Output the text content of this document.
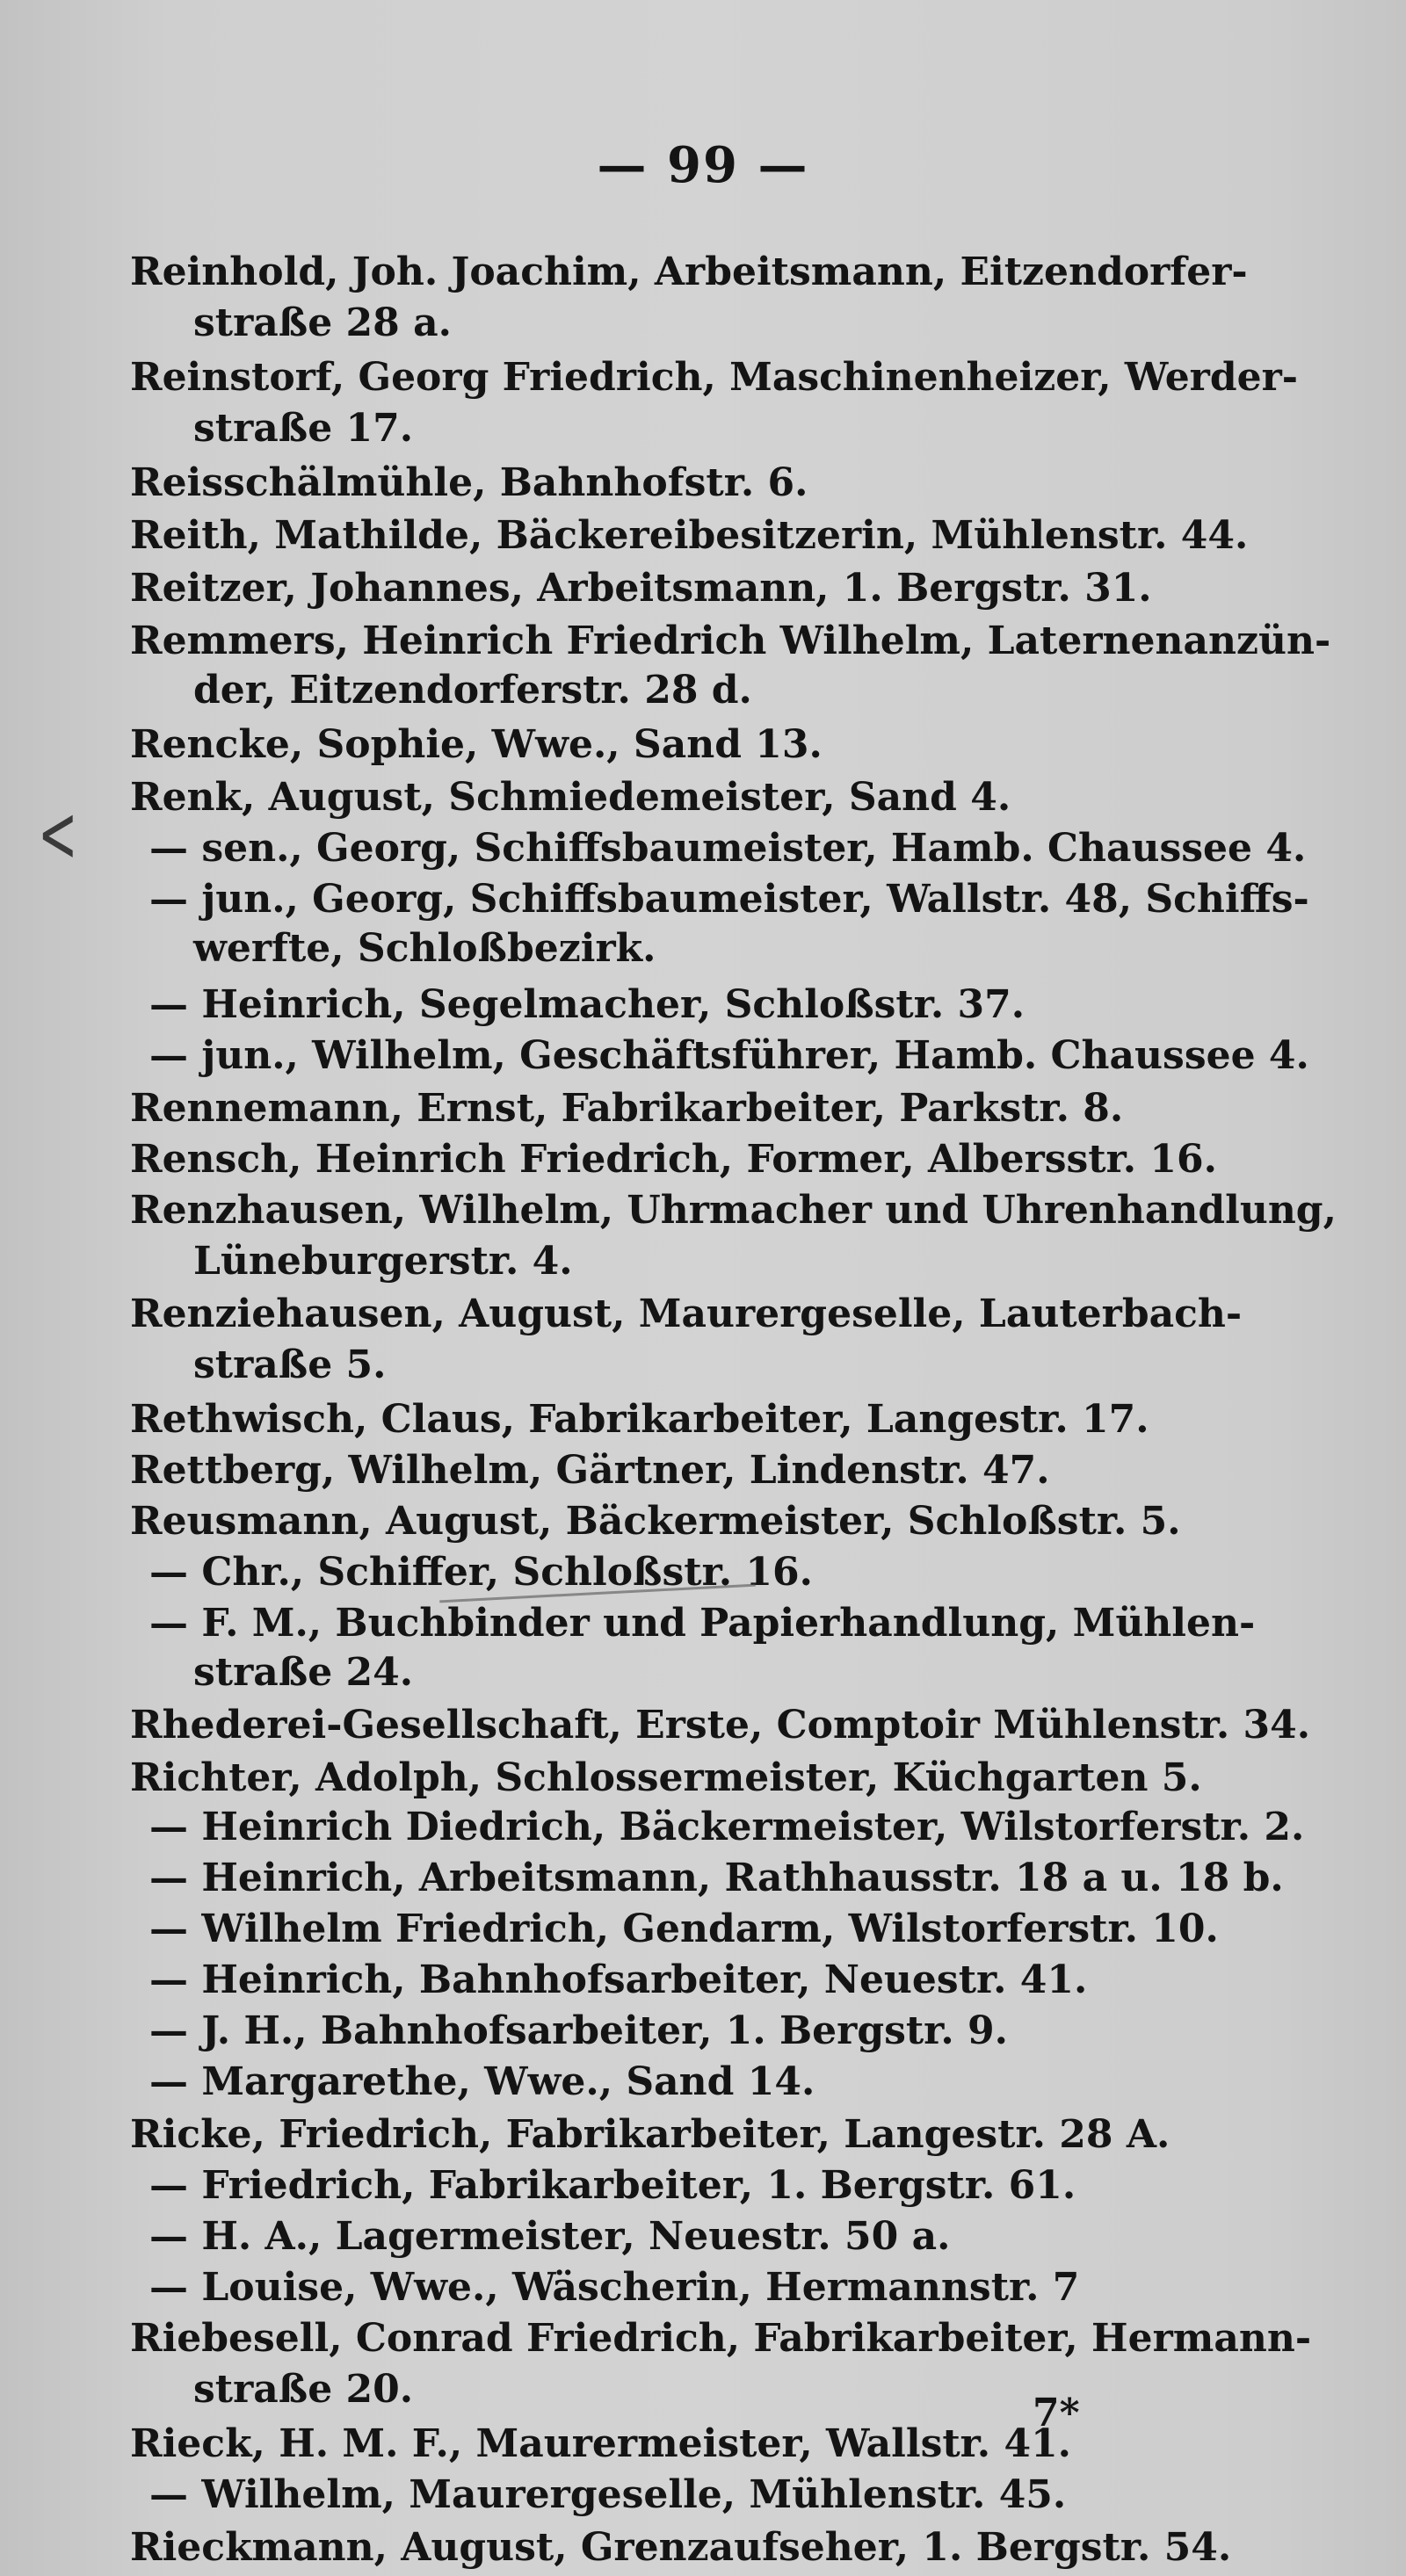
<
— 99 —
Reinhold, Joh. Joachim, Arbeitsmann, Eitzendorfer-
straße 28 a.
Reinstorf, Georg Friedrich, Maschinenheizer, Werder-
straße 17.
Reisschälmühle, Bahnhofstr. 6.
Reith, Mathilde, Bäckereibesitzerin, Mühlenstr. 44.
Reitzer, Johannes, Arbeitsmann, 1. Bergstr. 31.
Remmers, Heinrich Friedrich Wilhelm, Laternenanzün-
der, Eitzendorferstr. 28 d.
Rencke, Sophie, Wwe., Sand 13.
Renk, August, Schmiedemeister, Sand 4.
— sen., Georg, Schiffsbaumeister, Hamb. Chaussee 4.
— jun., Georg, Schiffsbaumeister, Wallstr. 48, Schiffs-
werfte, Schloßbezirk.
— Heinrich, Segelmacher, Schloßstr. 37.
— jun., Wilhelm, Geschäftsführer, Hamb. Chaussee 4.
Rennemann, Ernst, Fabrikarbeiter, Parkstr. 8.
Rensch, Heinrich Friedrich, Former, Albersstr. 16.
Renzhausen, Wilhelm, Uhrmacher und Uhrenhandlung,
Lüneburgerstr. 4.
Renziehausen, August, Maurergeselle, Lauterbach-
straße 5.
Rethwisch, Claus, Fabrikarbeiter, Langestr. 17.
Rettberg, Wilhelm, Gärtner, Lindenstr. 47.
Reusmann, August, Bäckermeister, Schloßstr. 5.
— Chr., Schiffer, Schloßstr. 16.
— F. M., Buchbinder und Papierhandlung, Mühlen-
straße 24.
Rhederei-Gesellschaft, Erste, Comptoir Mühlenstr. 34.
Richter, Adolph, Schlossermeister, Küchgarten 5.
— Heinrich Diedrich, Bäckermeister, Wilstorferstr. 2.
— Heinrich, Arbeitsmann, Rathhausstr. 18 a u. 18 b.
— Wilhelm Friedrich, Gendarm, Wilstorferstr. 10.
— Heinrich, Bahnhofsarbeiter, Neuestr. 41.
— J. H., Bahnhofsarbeiter, 1. Bergstr. 9.
— Margarethe, Wwe., Sand 14.
Ricke, Friedrich, Fabrikarbeiter, Langestr. 28 A.
— Friedrich, Fabrikarbeiter, 1. Bergstr. 61.
— H. A., Lagermeister, Neuestr. 50 a.
— Louise, Wwe., Wäscherin, Hermannstr. 7
Riebesell, Conrad Friedrich, Fabrikarbeiter, Hermann-
straße 20.
Rieck, H. M. F., Maurermeister, Wallstr. 41.
— Wilhelm, Maurergeselle, Mühlenstr. 45.
Rieckmann, August, Grenzaufseher, 1. Bergstr. 54.
7*
